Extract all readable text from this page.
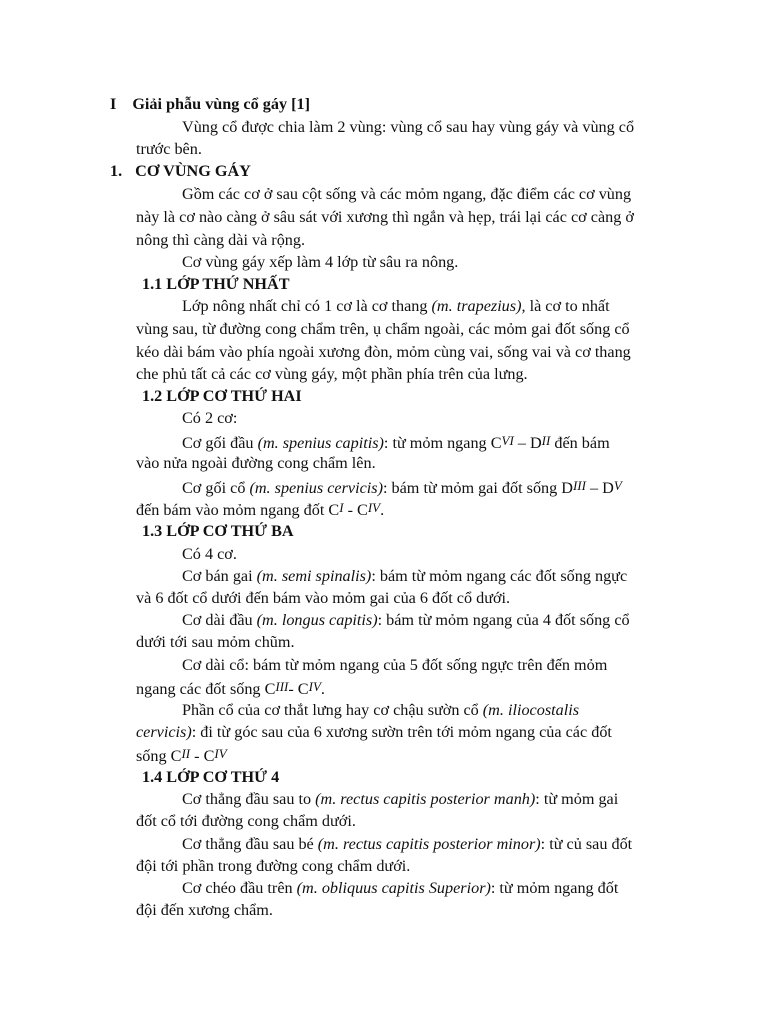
I Giải phẫu vùng cổ gáy [1]
Vùng cổ được chia làm 2 vùng: vùng cổ sau hay vùng gáy và vùng cổ
trước bên.
1. CƠ VÙNG GÁY
Gồm các cơ ở sau cột sống và các mỏm ngang, đặc điểm các cơ vùng
này là cơ nào càng ở sâu sát với xương thì ngắn và hẹp, trái lại các cơ càng ở
nông thì càng dài và rộng.
Cơ vùng gáy xếp làm 4 lớp từ sâu ra nông.
1.1 LỚP THỨ NHẤT
Lớp nông nhất chỉ có 1 cơ là cơ thang (m. trapezius), là cơ to nhất
vùng sau, từ đường cong chẩm trên, ụ chẩm ngoài, các mỏm gai đốt sống cổ
kéo dài bám vào phía ngoài xương đòn, mỏm cùng vai, sống vai và cơ thang
che phủ tất cả các cơ vùng gáy, một phần phía trên của lưng.
1.2 LỚP CƠ THỨ HAI
Có 2 cơ:
Cơ gối đầu (m. spenius capitis): từ mỏm ngang $C^{VI} - D^{II}$ đến bám
vào nửa ngoài đường cong chẩm lên.
Cơ gối cổ (m. spenius cervicis): bám từ mỏm gai đốt sống $D^{III} - D^V$
đến bám vào mỏm ngang đốt $C^I - C^{IV}$.
1.3 LỚP CƠ THỨ BA
Có 4 cơ.
Cơ bán gai (m. semi spinalis): bám từ mỏm ngang các đốt sống ngực
và 6 đốt cổ dưới đến bám vào mỏm gai của 6 đốt cổ dưới.
Cơ dài đầu (m. longus capitis): bám từ mỏm ngang của 4 đốt sống cổ
dưới tới sau mỏm chũm.
Cơ dài cổ: bám từ mỏm ngang của 5 đốt sống ngực trên đến mỏm
ngang các đốt sống $C^{III}-$ $C^{IV}$.
Phần cổ của cơ thắt lưng hay cơ chậu sườn cổ (m. iliocostalis
cervicis): đi từ góc sau của 6 xương sườn trên tới mỏm ngang của các đốt
sống $C^{II} - C^{IV}$
1.4 LỚP CƠ THỨ 4
Cơ thẳng đầu sau to (m. rectus capitis posterior manh): từ mỏm gai
đốt cổ tới đường cong chẩm dưới.
Cơ thẳng đầu sau bé (m. rectus capitis posterior minor): từ củ sau đốt
đội tới phần trong đường cong chẩm dưới.
Cơ chéo đầu trên (m. obliquus capitis Superior): từ mỏm ngang đốt
đội đến xương chẩm.
